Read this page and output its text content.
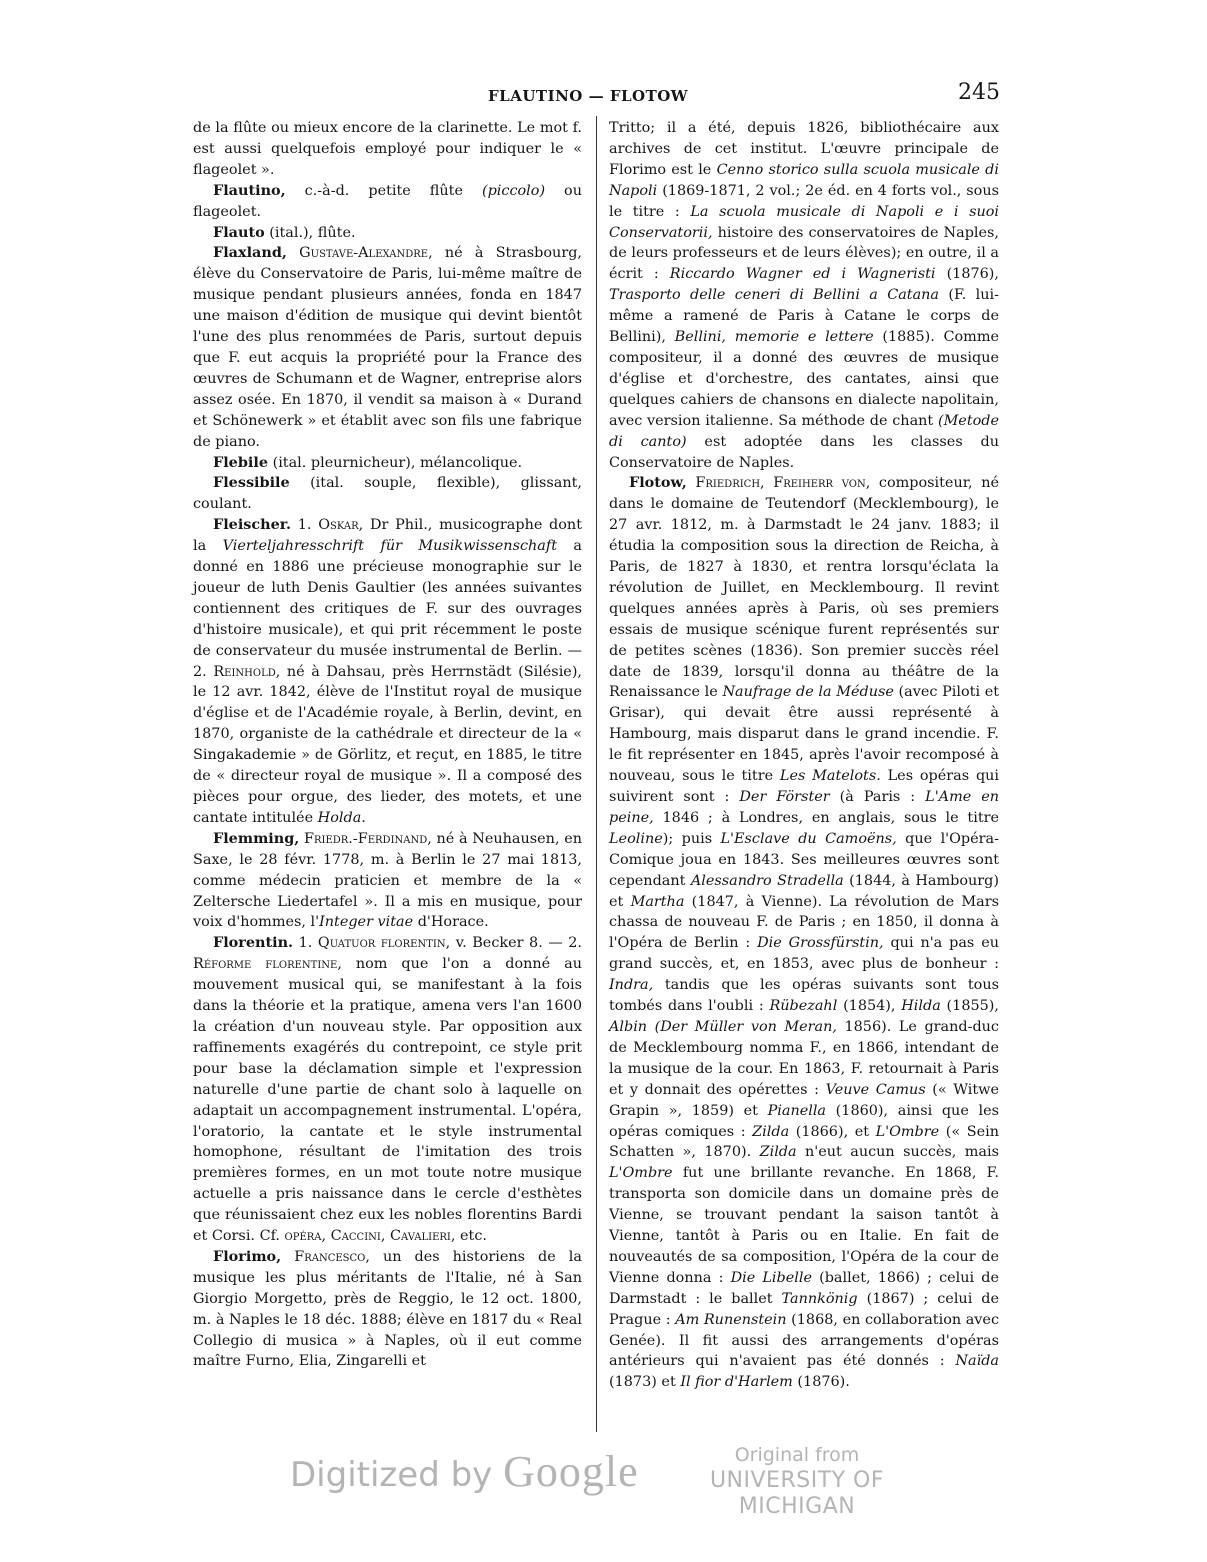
FLAUTINO — FLOTOW	245

de la flûte ou mieux encore de la clarinette. Le mot f. est aussi quelquefois employé pour indiquer le « flageolet ».

Flautino, c.-à-d. petite flûte (piccolo) ou flageolet.

Flauto (ital.), flûte.

Flaxland, Gustave-Alexandre, né à Strasbourg, élève du Conservatoire de Paris, lui-même maître de musique pendant plusieurs années, fonda en 1847 une maison d'édition de musique qui devint bientôt l'une des plus renommées de Paris, surtout depuis que F. eut acquis la propriété pour la France des œuvres de Schumann et de Wagner, entreprise alors assez osée. En 1870, il vendit sa maison à « Durand et Schönewerk » et établit avec son fils une fabrique de piano.

Flebile (ital. pleurnicheur), mélancolique.

Flessibile (ital. souple, flexible), glissant, coulant.

Fleischer. 1. Oskar, Dr Phil., musicographe dont la Vierteljahresschrift für Musikwissenschaft a donné en 1886 une précieuse monographie sur le joueur de luth Denis Gaultier (les années suivantes contiennent des critiques de F. sur des ouvrages d'histoire musicale), et qui prit récemment le poste de conservateur du musée instrumental de Berlin. — 2. Reinhold, né à Dahsau, près Herrnstädt (Silésie), le 12 avr. 1842, élève de l'Institut royal de musique d'église et de l'Académie royale, à Berlin, devint, en 1870, organiste de la cathédrale et directeur de la « Singakademie » de Görlitz, et reçut, en 1885, le titre de « directeur royal de musique ». Il a composé des pièces pour orgue, des lieder, des motets, et une cantate intitulée Holda.

Flemming, Friedr.-Ferdinand, né à Neuhausen, en Saxe, le 28 févr. 1778, m. à Berlin le 27 mai 1813, comme médecin praticien et membre de la « Zeltersche Liedertafel ». Il a mis en musique, pour voix d'hommes, l'Integer vitae d'Horace.

Florentin. 1. Quatuor florentin, v. Becker 8. — 2. Réforme florentine, nom que l'on a donné au mouvement musical qui, se manifestant à la fois dans la théorie et la pratique, amena vers l'an 1600 la création d'un nouveau style. Par opposition aux raffinements exagérés du contrepoint, ce style prit pour base la déclamation simple et l'expression naturelle d'une partie de chant solo à laquelle on adaptait un accompagnement instrumental. L'opéra, l'oratorio, la cantate et le style instrumental homophone, résultant de l'imitation des trois premières formes, en un mot toute notre musique actuelle a pris naissance dans le cercle d'esthètes que réunissaient chez eux les nobles florentins Bardi et Corsi. Cf. opéra, Caccini, Cavalieri, etc.

Florimo, Francesco, un des historiens de la musique les plus méritants de l'Italie, né à San Giorgio Morgetto, près de Reggio, le 12 oct. 1800, m. à Naples le 18 déc. 1888; élève en 1817 du « Real Collegio di musica » à Naples, où il eut comme maître Furno, Elia, Zingarelli et

Tritto; il a été, depuis 1826, bibliothécaire aux archives de cet institut. L'œuvre principale de Florimo est le Cenno storico sulla scuola musicale di Napoli (1869-1871, 2 vol.; 2e éd. en 4 forts vol., sous le titre : La scuola musicale di Napoli e i suoi Conservatorii, histoire des conservatoires de Naples, de leurs professeurs et de leurs élèves); en outre, il a écrit : Riccardo Wagner ed i Wagneristi (1876), Trasporto delle ceneri di Bellini a Catana (F. lui-même a ramené de Paris à Catane le corps de Bellini), Bellini, memorie e lettere (1885). Comme compositeur, il a donné des œuvres de musique d'église et d'orchestre, des cantates, ainsi que quelques cahiers de chansons en dialecte napolitain, avec version italienne. Sa méthode de chant (Metode di canto) est adoptée dans les classes du Conservatoire de Naples.

Flotow, Friedrich, Freiherr von, compositeur, né dans le domaine de Teutendorf (Mecklembourg), le 27 avr. 1812, m. à Darmstadt le 24 janv. 1883; il étudia la composition sous la direction de Reicha, à Paris, de 1827 à 1830, et rentra lorsqu'éclata la révolution de Juillet, en Mecklembourg. Il revint quelques années après à Paris, où ses premiers essais de musique scénique furent représentés sur de petites scènes (1836). Son premier succès réel date de 1839, lorsqu'il donna au théâtre de la Renaissance le Naufrage de la Méduse (avec Piloti et Grisar), qui devait être aussi représenté à Hambourg, mais disparut dans le grand incendie. F. le fit représenter en 1845, après l'avoir recomposé à nouveau, sous le titre Les Matelots. Les opéras qui suivirent sont : Der Förster (à Paris : L'Ame en peine, 1846 ; à Londres, en anglais, sous le titre Leoline); puis L'Esclave du Camoëns, que l'Opéra-Comique joua en 1843. Ses meilleures œuvres sont cependant Alessandro Stradella (1844, à Hambourg) et Martha (1847, à Vienne). La révolution de Mars chassa de nouveau F. de Paris ; en 1850, il donna à l'Opéra de Berlin : Die Grossfürstin, qui n'a pas eu grand succès, et, en 1853, avec plus de bonheur : Indra, tandis que les opéras suivants sont tous tombés dans l'oubli : Rübezahl (1854), Hilda (1855), Albin (Der Müller von Meran, 1856). Le grand-duc de Mecklembourg nomma F., en 1866, intendant de la musique de la cour. En 1863, F. retournait à Paris et y donnait des opérettes : Veuve Camus (« Witwe Grapin », 1859) et Pianella (1860), ainsi que les opéras comiques : Zilda (1866), et L'Ombre (« Sein Schatten », 1870). Zilda n'eut aucun succès, mais L'Ombre fut une brillante revanche. En 1868, F. transporta son domicile dans un domaine près de Vienne, se trouvant pendant la saison tantôt à Vienne, tantôt à Paris ou en Italie. En fait de nouveautés de sa composition, l'Opéra de la cour de Vienne donna : Die Libelle (ballet, 1866) ; celui de Darmstadt : le ballet Tannkönig (1867) ; celui de Prague : Am Runenstein (1868, en collaboration avec Genée). Il fit aussi des arrangements d'opéras antérieurs qui n'avaient pas été donnés : Naïda (1873) et Il fior d'Harlem (1876).

Digitized by Google	Original from
UNIVERSITY OF MICHIGAN
